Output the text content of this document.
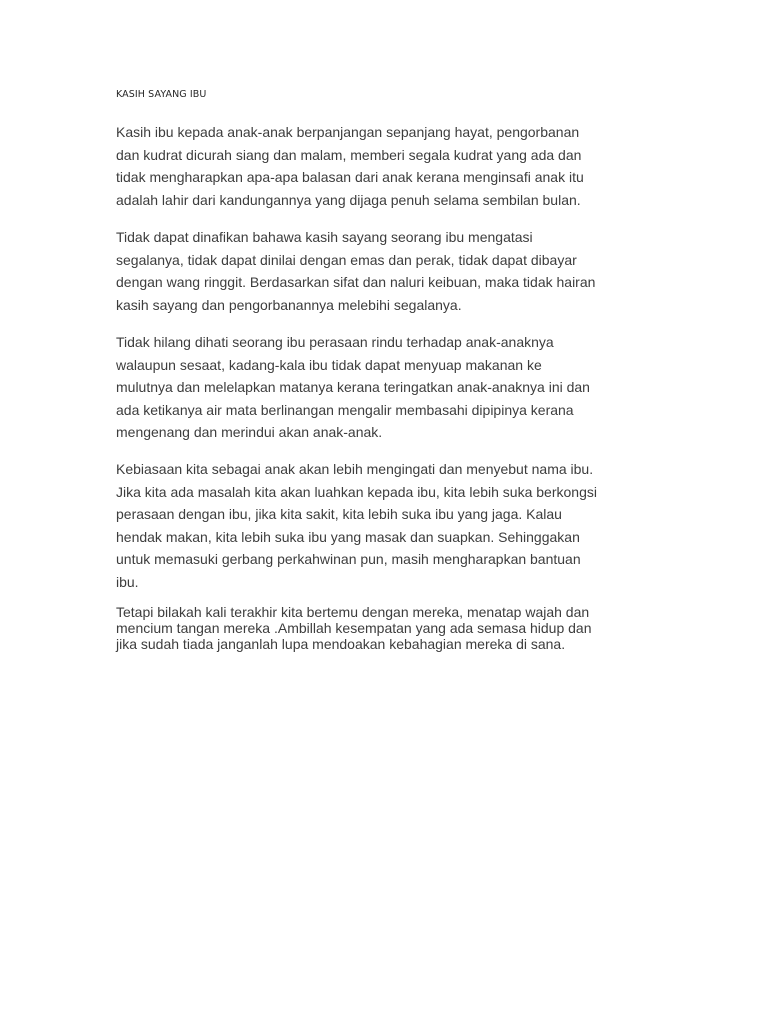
KASIH SAYANG IBU

Kasih ibu kepada anak-anak berpanjangan sepanjang hayat, pengorbanan
dan kudrat dicurah siang dan malam, memberi segala kudrat yang ada dan
tidak mengharapkan apa-apa balasan dari anak kerana menginsafi anak itu
adalah lahir dari kandungannya yang dijaga penuh selama sembilan bulan.

Tidak dapat dinafikan bahawa kasih sayang seorang ibu mengatasi
segalanya, tidak dapat dinilai dengan emas dan perak, tidak dapat dibayar
dengan wang ringgit. Berdasarkan sifat dan naluri keibuan, maka tidak hairan
kasih sayang dan pengorbanannya melebihi segalanya.

Tidak hilang dihati seorang ibu perasaan rindu terhadap anak-anaknya
walaupun sesaat, kadang-kala ibu tidak dapat menyuap makanan ke
mulutnya dan melelapkan matanya kerana teringatkan anak-anaknya ini dan
ada ketikanya air mata berlinangan mengalir membasahi dipipinya kerana
mengenang dan merindui akan anak-anak.

Kebiasaan kita sebagai anak akan lebih mengingati dan menyebut nama ibu.
Jika kita ada masalah kita akan luahkan kepada ibu, kita lebih suka berkongsi
perasaan dengan ibu, jika kita sakit, kita lebih suka ibu yang jaga. Kalau
hendak makan, kita lebih suka ibu yang masak dan suapkan. Sehinggakan
untuk memasuki gerbang perkahwinan pun, masih mengharapkan bantuan
ibu.

Tetapi bilakah kali terakhir kita bertemu dengan mereka, menatap wajah dan
mencium tangan mereka .Ambillah kesempatan yang ada semasa hidup dan
jika sudah tiada janganlah lupa mendoakan kebahagian mereka di sana.
